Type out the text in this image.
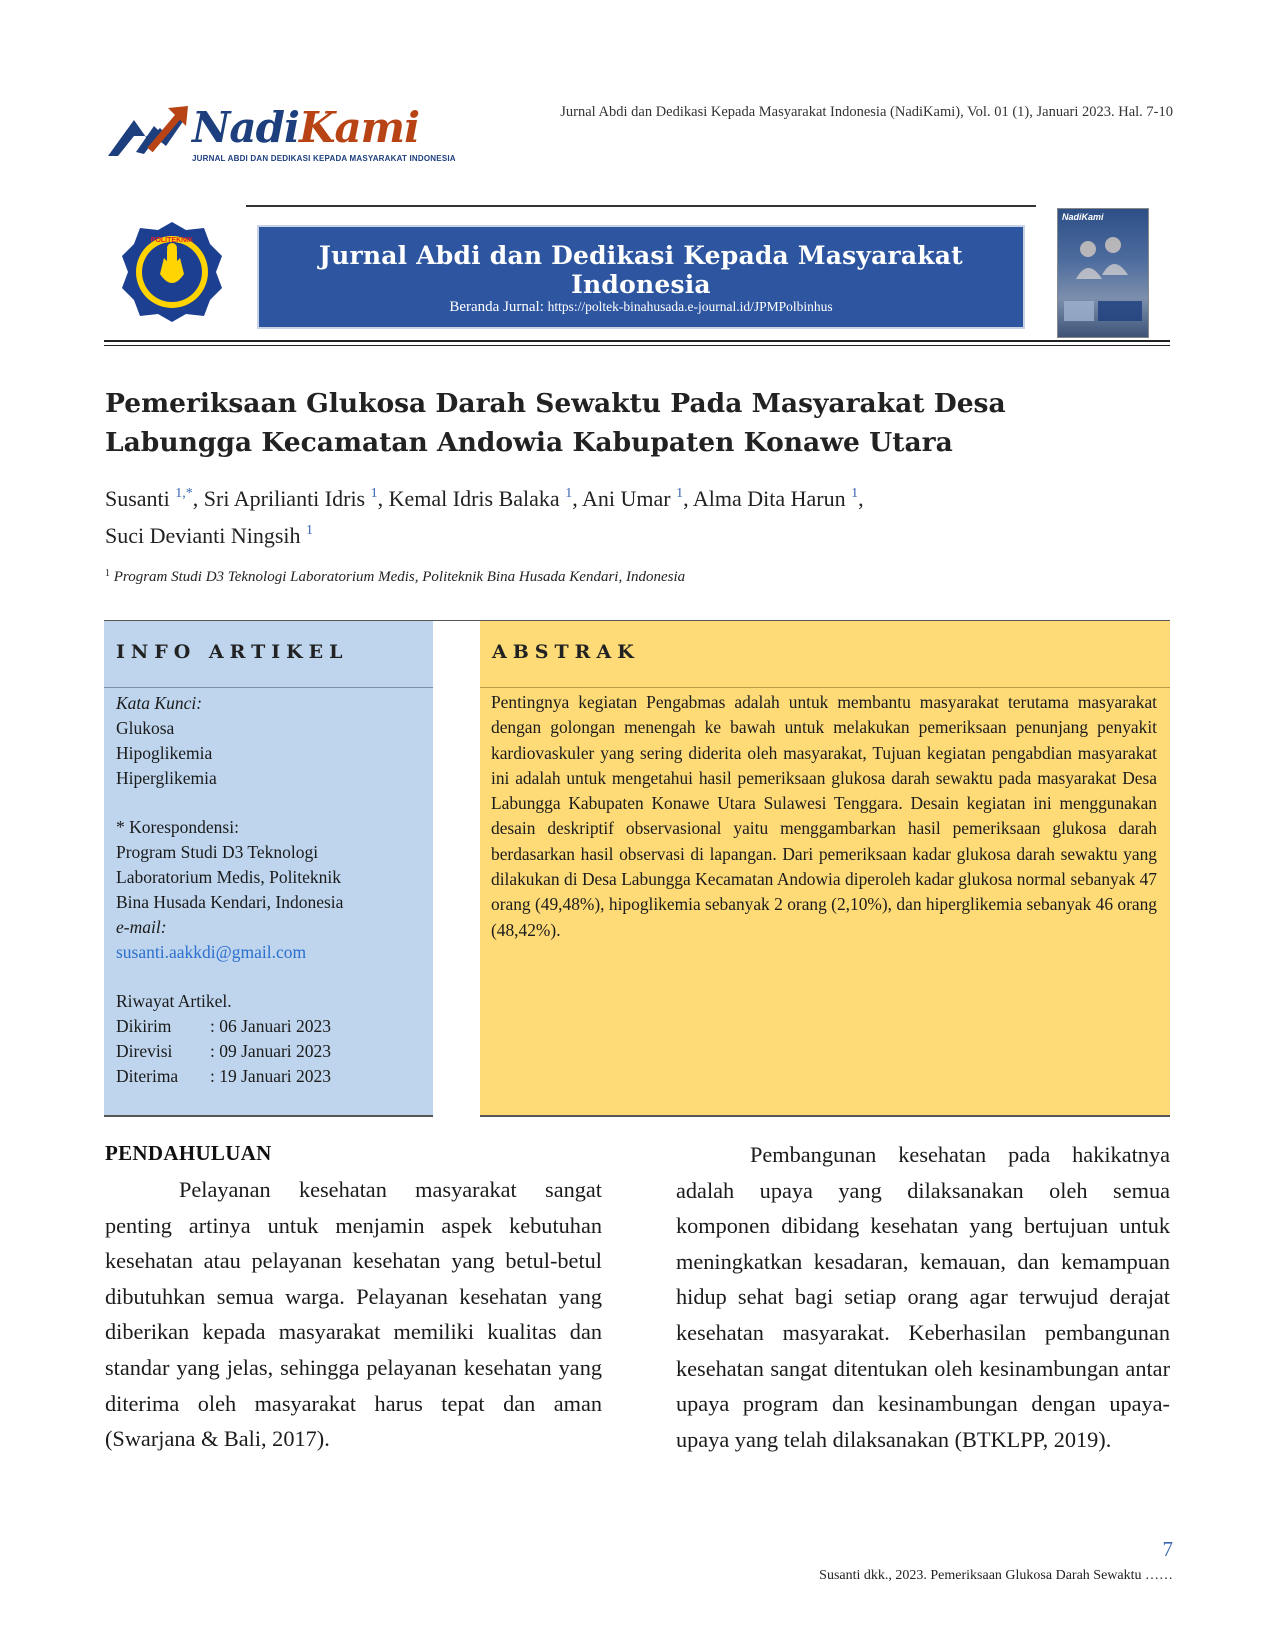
NadiKami
JURNAL ABDI DAN DEDIKASI KEPADA MASYARAKAT INDONESIA
Jurnal Abdi dan Dedikasi Kepada Masyarakat Indonesia (NadiKami), Vol. 01 (1), Januari 2023. Hal. 7-10
POLITEKNIK
Jurnal Abdi dan Dedikasi Kepada Masyarakat Indonesia
Beranda Jurnal: https://poltek-binahusada.e-journal.id/JPMPolbinhus
NadiKami
Pemeriksaan Glukosa Darah Sewaktu Pada Masyarakat Desa Labungga Kecamatan Andowia Kabupaten Konawe Utara
Susanti $^{1,*}$, Sri Aprilianti Idris $^1$, Kemal Idris Balaka $^1$, Ani Umar $^1$, Alma Dita Harun $^1$,
Suci Devianti Ningsih $^1$
$^1$ Program Studi D3 Teknologi Laboratorium Medis, Politeknik Bina Husada Kendari, Indonesia
INFO ARTIKEL
Kata Kunci:
Glukosa
Hipoglikemia
Hiperglikemia
* Korespondensi:
Program Studi D3 Teknologi
Laboratorium Medis, Politeknik
Bina Husada Kendari, Indonesia
e-mail:
susanti.aakkdi@gmail.com
Riwayat Artikel.
Dikirim	: 06 Januari 2023
Direvisi	: 09 Januari 2023
Diterima	: 19 Januari 2023
ABSTRAK
Pentingnya kegiatan Pengabmas adalah untuk membantu masyarakat terutama masyarakat dengan golongan menengah ke bawah untuk melakukan pemeriksaan penunjang penyakit kardiovaskuler yang sering diderita oleh masyarakat, Tujuan kegiatan pengabdian masyarakat ini adalah untuk mengetahui hasil pemeriksaan glukosa darah sewaktu pada masyarakat Desa Labungga Kabupaten Konawe Utara Sulawesi Tenggara. Desain kegiatan ini menggunakan desain deskriptif observasional yaitu menggambarkan hasil pemeriksaan glukosa darah berdasarkan hasil observasi di lapangan. Dari pemeriksaan kadar glukosa darah sewaktu yang dilakukan di Desa Labungga Kecamatan Andowia diperoleh kadar glukosa normal sebanyak 47 orang (49,48%), hipoglikemia sebanyak 2 orang (2,10%), dan hiperglikemia sebanyak 46 orang (48,42%).
PENDAHULUAN
Pelayanan kesehatan masyarakat sangat penting artinya untuk menjamin aspek kebutuhan kesehatan atau pelayanan kesehatan yang betul-betul dibutuhkan semua warga. Pelayanan kesehatan yang diberikan kepada masyarakat memiliki kualitas dan standar yang jelas, sehingga pelayanan kesehatan yang diterima oleh masyarakat harus tepat dan aman (Swarjana & Bali, 2017).
Pembangunan kesehatan pada hakikatnya adalah upaya yang dilaksanakan oleh semua komponen dibidang kesehatan yang bertujuan untuk meningkatkan kesadaran, kemauan, dan kemampuan hidup sehat bagi setiap orang agar terwujud derajat kesehatan masyarakat. Keberhasilan pembangunan kesehatan sangat ditentukan oleh kesinambungan antar upaya program dan kesinambungan dengan upaya-upaya yang telah dilaksanakan (BTKLPP, 2019).
7
Susanti dkk., 2023. Pemeriksaan Glukosa Darah Sewaktu ……
